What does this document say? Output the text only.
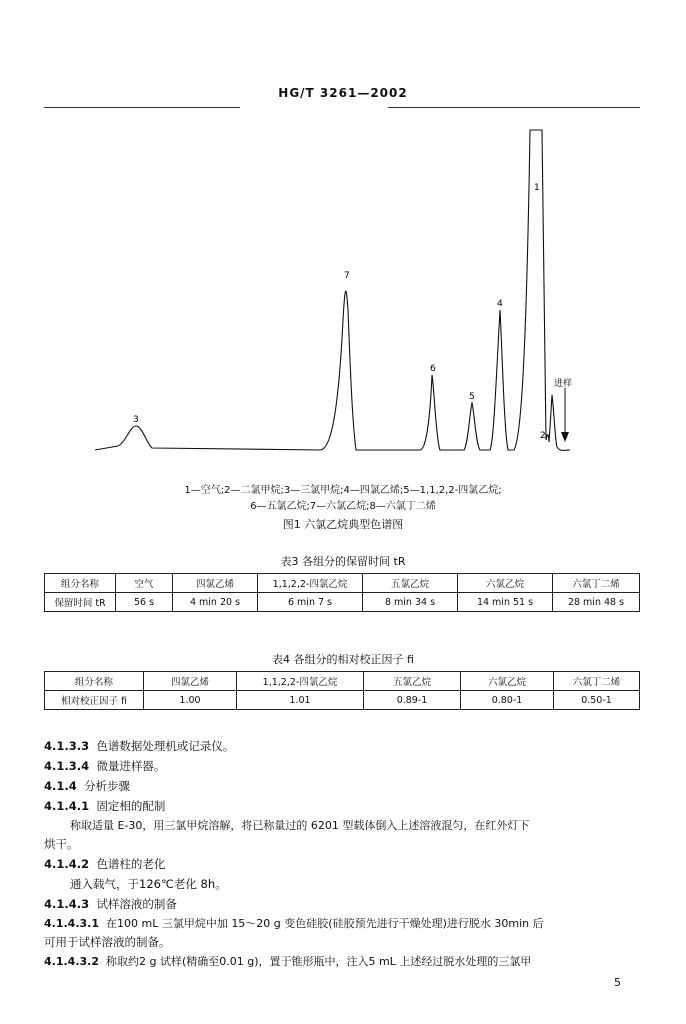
HG/T 3261—2002
3
7
6
5
4
1
2
进样
1—空气;2—二氯甲烷;3—三氯甲烷;4—四氯乙烯;5—1,1,2,2-四氯乙烷;
6—五氯乙烷;7—六氯乙烷;8—六氯丁二烯
图1 六氯乙烷典型色谱图
表3 各组分的保留时间 tR
组分名称	空气	四氯乙烯	1,1,2,2-四氯乙烷	五氯乙烷	六氯乙烷	六氯丁二烯
保留时间 tR	56 s	4 min 20 s	6 min 7 s	8 min 34 s	14 min 51 s	28 min 48 s
表4 各组分的相对校正因子 fi
组分名称	四氯乙烯	1,1,2,2-四氯乙烷	五氯乙烷	六氯乙烷	六氯丁二烯
相对校正因子 fi	1.00	1.01	0.89-1	0.80-1	0.50-1
4.1.3.3 色谱数据处理机或记录仪。
4.1.3.4 微量进样器。
4.1.4 分析步骤
4.1.4.1 固定相的配制
称取适量 E-30，用三氯甲烷溶解，将已称量过的 6201 型载体倒入上述溶液混匀，在红外灯下
烘干。
4.1.4.2 色谱柱的老化
通入载气，于126℃老化 8h。
4.1.4.3 试样溶液的制备
4.1.4.3.1 在100 mL 三氯甲烷中加 15～20 g 变色硅胶(硅胶预先进行干燥处理)进行脱水 30min 后
可用于试样溶液的制备。
4.1.4.3.2 称取约2 g 试样(精确至0.01 g)，置于锥形瓶中，注入5 mL 上述经过脱水处理的三氯甲
5
